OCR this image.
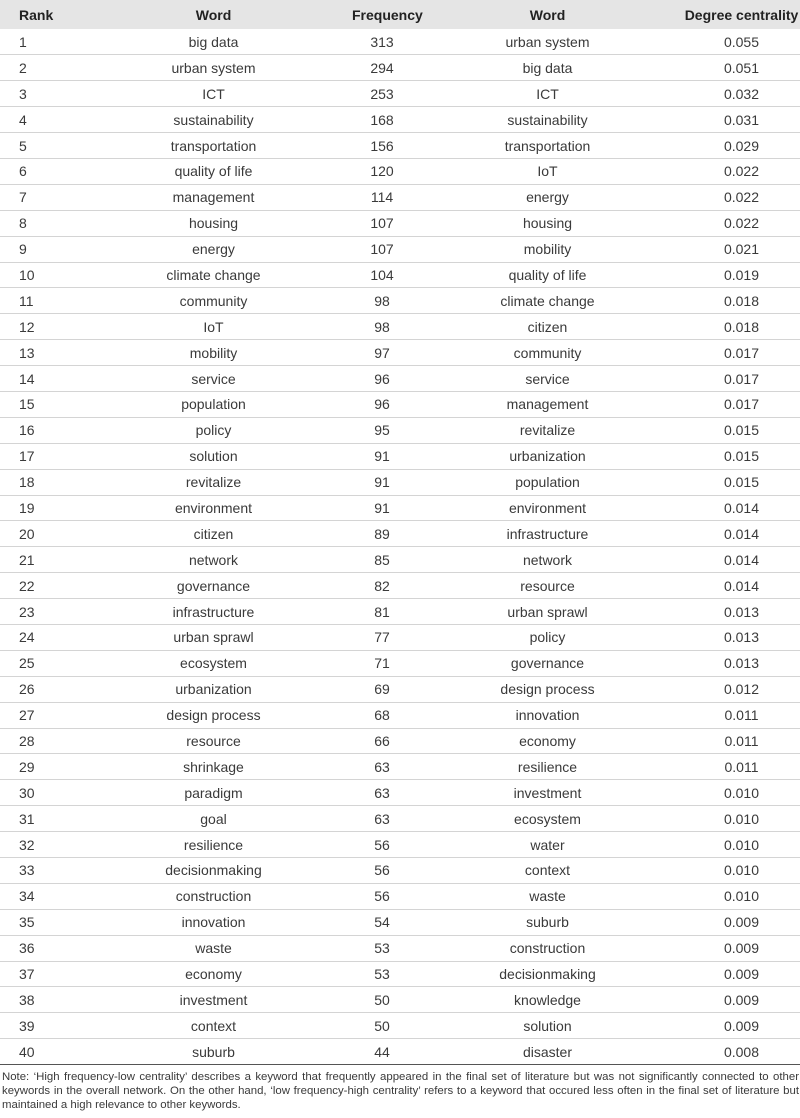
Rank	Word	Frequency	Word	Degree centrality
1	big data	313	urban system	0.055
2	urban system	294	big data	0.051
3	ICT	253	ICT	0.032
4	sustainability	168	sustainability	0.031
5	transportation	156	transportation	0.029
6	quality of life	120	IoT	0.022
7	management	114	energy	0.022
8	housing	107	housing	0.022
9	energy	107	mobility	0.021
10	climate change	104	quality of life	0.019
11	community	98	climate change	0.018
12	IoT	98	citizen	0.018
13	mobility	97	community	0.017
14	service	96	service	0.017
15	population	96	management	0.017
16	policy	95	revitalize	0.015
17	solution	91	urbanization	0.015
18	revitalize	91	population	0.015
19	environment	91	environment	0.014
20	citizen	89	infrastructure	0.014
21	network	85	network	0.014
22	governance	82	resource	0.014
23	infrastructure	81	urban sprawl	0.013
24	urban sprawl	77	policy	0.013
25	ecosystem	71	governance	0.013
26	urbanization	69	design process	0.012
27	design process	68	innovation	0.011
28	resource	66	economy	0.011
29	shrinkage	63	resilience	0.011
30	paradigm	63	investment	0.010
31	goal	63	ecosystem	0.010
32	resilience	56	water	0.010
33	decisionmaking	56	context	0.010
34	construction	56	waste	0.010
35	innovation	54	suburb	0.009
36	waste	53	construction	0.009
37	economy	53	decisionmaking	0.009
38	investment	50	knowledge	0.009
39	context	50	solution	0.009
40	suburb	44	disaster	0.008
Note: ‘High frequency-low centrality’ describes a keyword that frequently appeared in the final set of literature but was not significantly connected to other keywords in the overall network. On the other hand, ‘low frequency-high centrality’ refers to a keyword that occured less often in the final set of literature but maintained a high relevance to other keywords.
